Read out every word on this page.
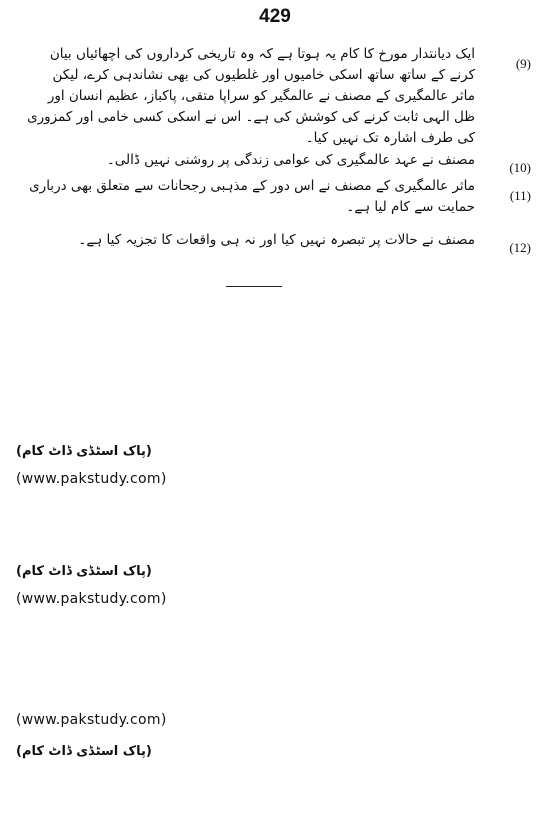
429
(9)
ایک دیانتدار مورخ کا کام یہ ہوتا ہے کہ وہ تاریخی کرداروں کی اچھائیاں بیان کرنے کے ساتھ ساتھ اسکی خامیوں اور غلطیوں کی بھی نشاندہی کرے، لیکن ماثر عالمگیری کے مصنف نے عالمگیر کو سراپا متقی، پاکباز، عظیم انسان اور ظل الہی ثابت کرنے کی کوشش کی ہے۔ اس نے اسکی کسی خامی اور کمزوری کی طرف اشارہ تک نہیں کیا۔
(10)
مصنف نے عہد عالمگیری کی عوامی زندگی پر روشنی نہیں ڈالی۔
(11)
ماثر عالمگیری کے مصنف نے اس دور کے مذہبی رجحانات سے متعلق بھی درباری حمایت سے کام لیا ہے۔
(12)
مصنف نے حالات پر تبصرہ نہیں کیا اور نہ ہی واقعات کا تجزیہ کیا ہے۔
(پاک اسٹڈی ڈاٹ کام)
(www.pakstudy.com)
(پاک اسٹڈی ڈاٹ کام)
(www.pakstudy.com)
(www.pakstudy.com)
(پاک اسٹڈی ڈاٹ کام)
